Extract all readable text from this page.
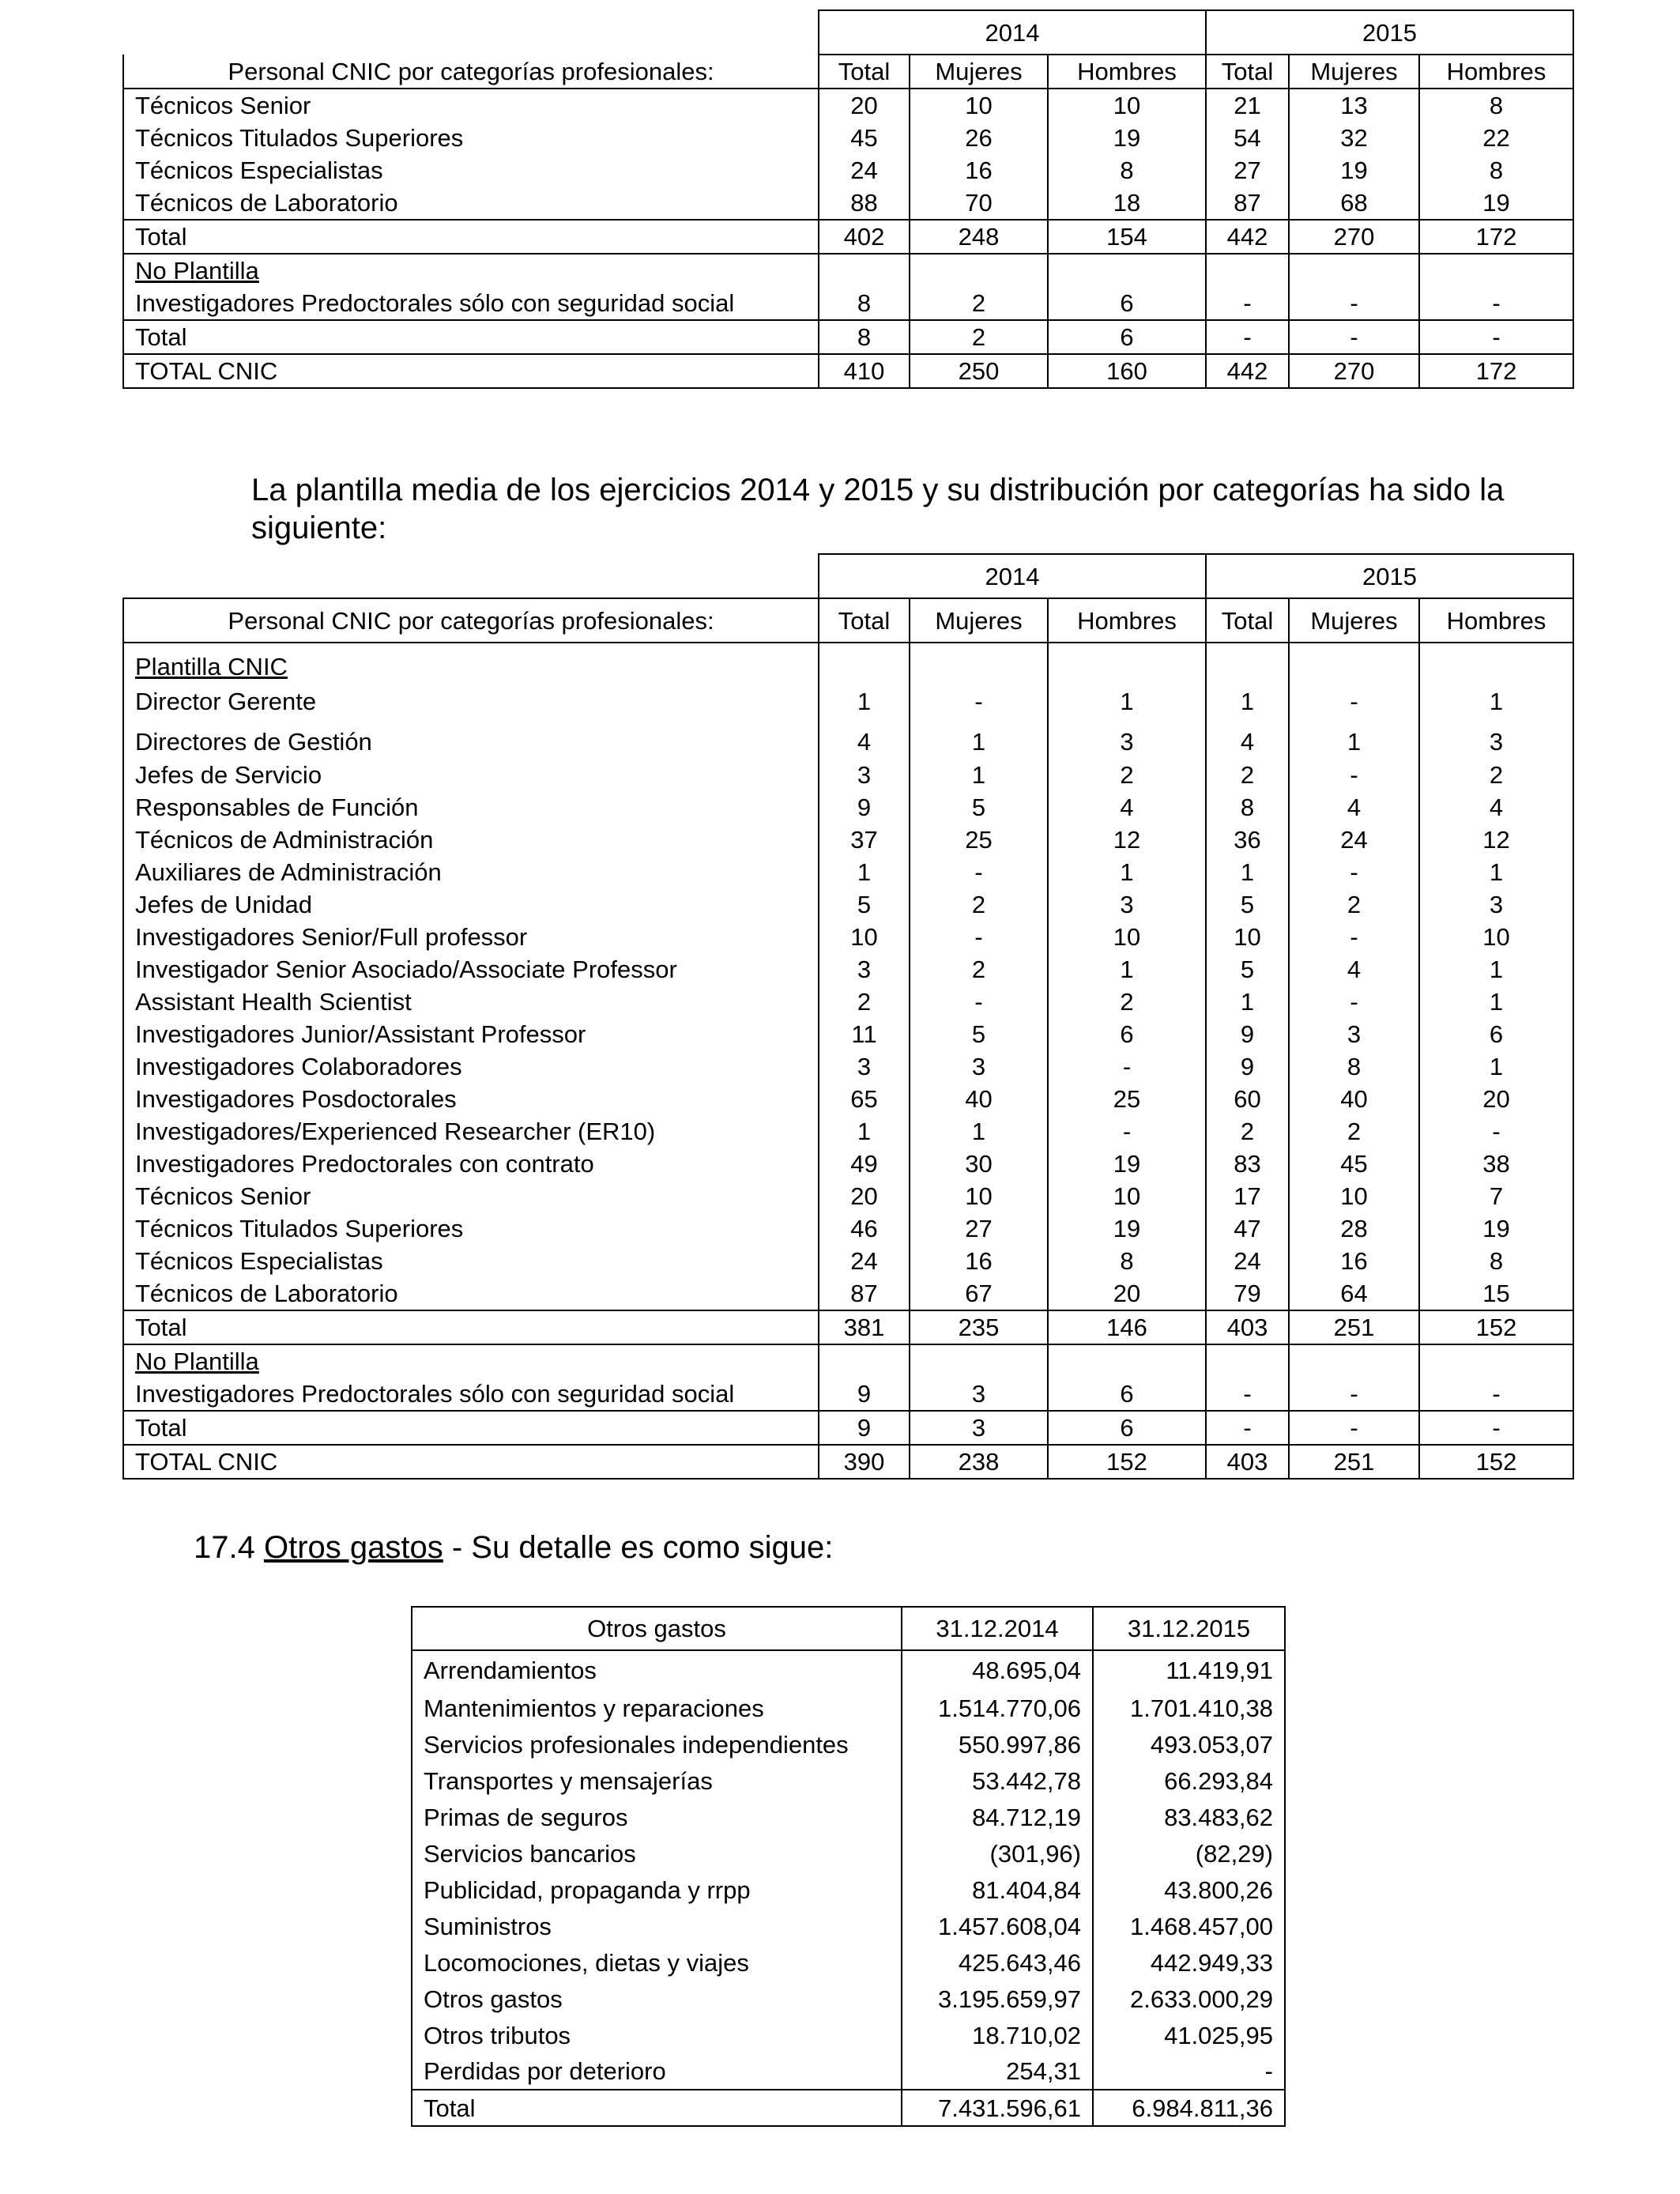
	2014			2015		
Personal CNIC por categorías profesionales:	Total	Mujeres	Hombres	Total	Mujeres	Hombres
Técnicos Senior	20	10	10	21	13	8
Técnicos Titulados Superiores	45	26	19	54	32	22
Técnicos Especialistas	24	16	8	27	19	8
Técnicos de Laboratorio	88	70	18	87	68	19
Total	402	248	154	442	270	172
No Plantilla						
Investigadores Predoctorales sólo con seguridad social	8	2	6	-	-	-
Total	8	2	6	-	-	-
TOTAL CNIC	410	250	160	442	270	172

La plantilla media de los ejercicios 2014 y 2015 y su distribución por categorías ha sido la siguiente:

	2014			2015		
Personal CNIC por categorías profesionales:	Total	Mujeres	Hombres	Total	Mujeres	Hombres
Plantilla CNIC						
Director Gerente	1	-	1	1	-	1
Directores de Gestión	4	1	3	4	1	3
Jefes de Servicio	3	1	2	2	-	2
Responsables de Función	9	5	4	8	4	4
Técnicos de Administración	37	25	12	36	24	12
Auxiliares de Administración	1	-	1	1	-	1
Jefes de Unidad	5	2	3	5	2	3
Investigadores Senior/Full professor	10	-	10	10	-	10
Investigador Senior Asociado/Associate Professor	3	2	1	5	4	1
Assistant Health Scientist	2	-	2	1	-	1
Investigadores Junior/Assistant Professor	11	5	6	9	3	6
Investigadores Colaboradores	3	3	-	9	8	1
Investigadores Posdoctorales	65	40	25	60	40	20
Investigadores/Experienced Researcher (ER10)	1	1	-	2	2	-
Investigadores Predoctorales con contrato	49	30	19	83	45	38
Técnicos Senior	20	10	10	17	10	7
Técnicos Titulados Superiores	46	27	19	47	28	19
Técnicos Especialistas	24	16	8	24	16	8
Técnicos de Laboratorio	87	67	20	79	64	15
Total	381	235	146	403	251	152
No Plantilla						
Investigadores Predoctorales sólo con seguridad social	9	3	6	-	-	-
Total	9	3	6	-	-	-
TOTAL CNIC	390	238	152	403	251	152

17.4 Otros gastos - Su detalle es como sigue:

Otros gastos	31.12.2014	31.12.2015
Arrendamientos	48.695,04	11.419,91
Mantenimientos y reparaciones	1.514.770,06	1.701.410,38
Servicios profesionales independientes	550.997,86	493.053,07
Transportes y mensajerías	53.442,78	66.293,84
Primas de seguros	84.712,19	83.483,62
Servicios bancarios	(301,96)	(82,29)
Publicidad, propaganda y rrpp	81.404,84	43.800,26
Suministros	1.457.608,04	1.468.457,00
Locomociones, dietas y viajes	425.643,46	442.949,33
Otros gastos	3.195.659,97	2.633.000,29
Otros tributos	18.710,02	41.025,95
Perdidas por deterioro	254,31	-
Total	7.431.596,61	6.984.811,36
